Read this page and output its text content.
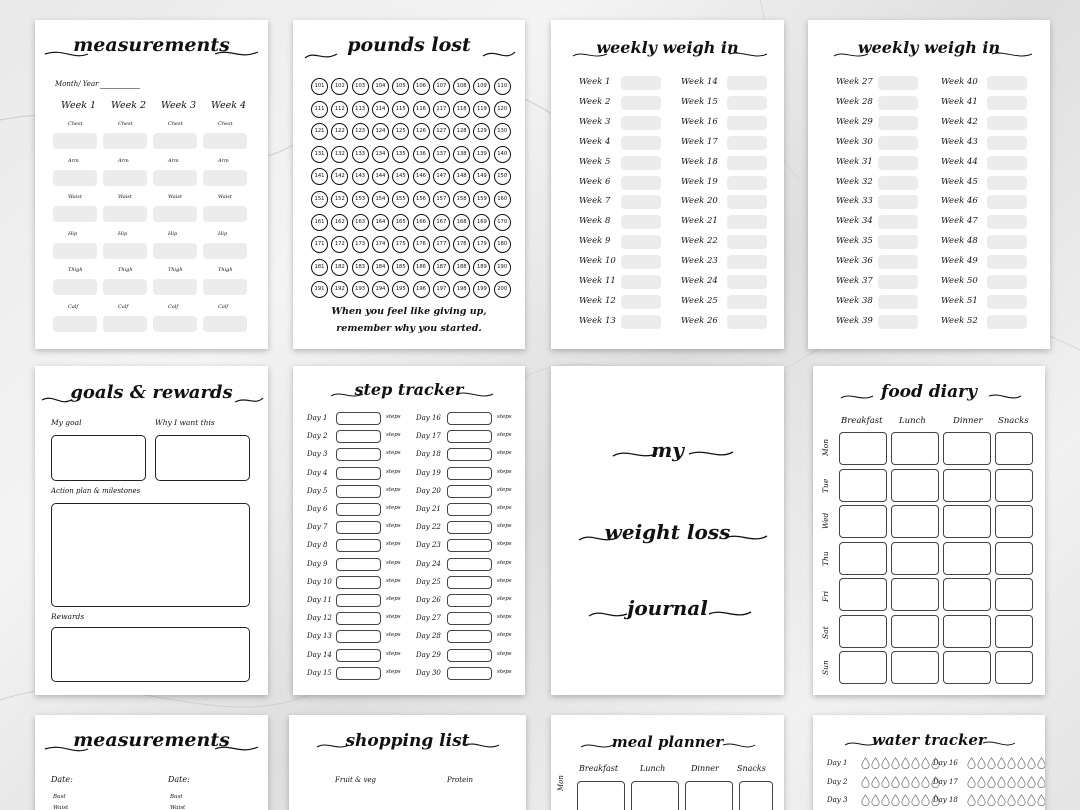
measurements
Month/ Year
Week 1 Week 2 Week 3 Week 4
Chest	Chest	Chest	Chest
Arm	Arm	Arm	Arm
Waist	Waist	Waist	Waist
Hip	Hip	Hip	Hip
Thigh	Thigh	Thigh	Thigh
Calf	Calf	Calf	Calf
pounds lost
101	102	103	104	105	106	107	108	109	110
111	112	113	114	115	116	117	118	119	120
121	122	123	124	125	126	127	128	129	130
131	132	133	134	135	136	137	138	139	140
141	142	143	144	145	146	147	148	149	150
151	152	153	154	155	156	157	158	159	160
161	162	163	164	165	166	167	168	169	170
171	172	173	174	175	176	177	178	179	180
181	182	183	184	185	186	187	188	189	190
191	192	193	194	195	196	197	198	199	200
When you feel like giving up,
remember why you started.
weekly weigh in
Week 1	Week 14
Week 2	Week 15
Week 3	Week 16
Week 4	Week 17
Week 5	Week 18
Week 6	Week 19
Week 7	Week 20
Week 8	Week 21
Week 9	Week 22
Week 10	Week 23
Week 11	Week 24
Week 12	Week 25
Week 13	Week 26
weekly weigh in
Week 27	Week 40
Week 28	Week 41
Week 29	Week 42
Week 30	Week 43
Week 31	Week 44
Week 32	Week 45
Week 33	Week 46
Week 34	Week 47
Week 35	Week 48
Week 36	Week 49
Week 37	Week 50
Week 38	Week 51
Week 39	Week 52
goals & rewards
My goal	Why I want this
Action plan & milestones
Rewards
step tracker
Day 1	steps Day 16	steps
Day 2	steps Day 17	steps
Day 3	steps Day 18	steps
Day 4	steps Day 19	steps
Day 5	steps Day 20	steps
Day 6	steps Day 21	steps
Day 7	steps Day 22	steps
Day 8	steps Day 23	steps
Day 9	steps Day 24	steps
Day 10	steps Day 25	steps
Day 11	steps Day 26	steps
Day 12	steps Day 27	steps
Day 13	steps Day 28	steps
Day 14	steps Day 29	steps
Day 15	steps Day 30	steps
my
weight loss
journal
food diary
Breakfast Lunch	Dinner Snacks
Mon
Tue
Wed
Thu
Fri
Sat
Sun
measurements
Date:	Date:
Bust	Bust
Waist	Waist
shopping list
Fruit & veg	Protein
meal planner
Breakfast	Lunch	Dinner Snacks
Mon
water tracker
Day 1	Day 16
Day 2	Day 17
Day 3	Day 18
